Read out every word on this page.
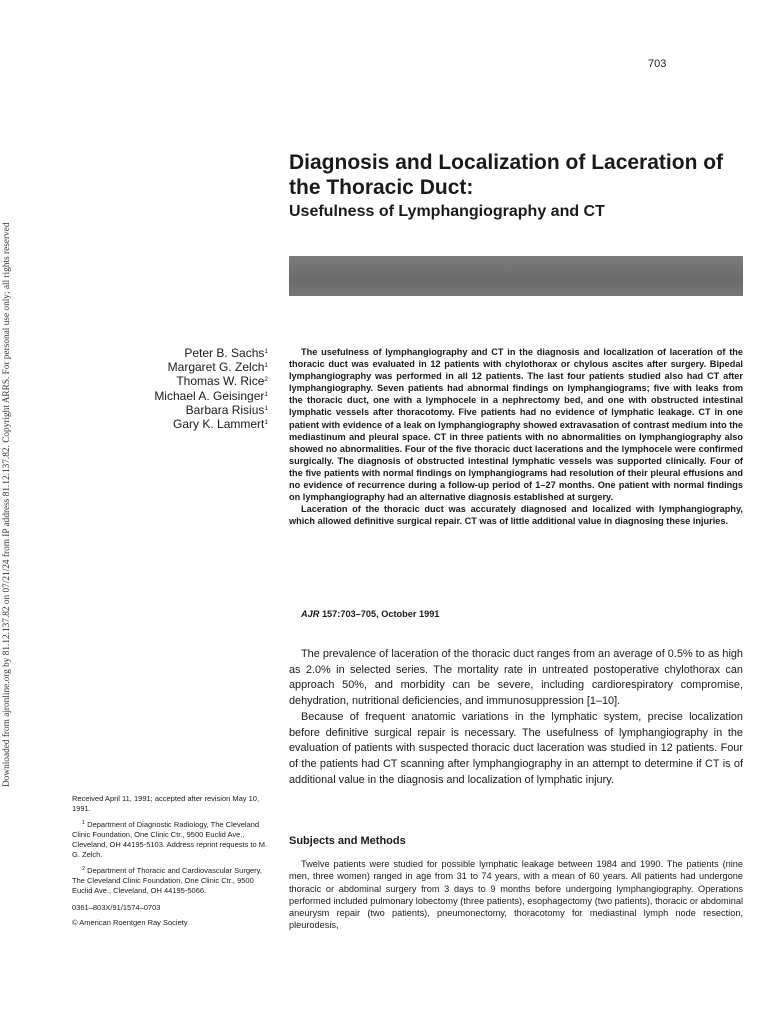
Downloaded from ajronline.org by 81.12.137.82 on 07/21/24 from IP address 81.12.137.82. Copyright ARRS. For personal use only; all rights reserved
703
Diagnosis and Localization of Laceration of the Thoracic Duct:
Usefulness of Lymphangiography and CT
Peter B. Sachs$^1$
Margaret G. Zelch$^1$
Thomas W. Rice$^2$
Michael A. Geisinger$^1$
Barbara Risius$^1$
Gary K. Lammert$^1$

The usefulness of lymphangiography and CT in the diagnosis and localization of laceration of the thoracic duct was evaluated in 12 patients with chylothorax or chylous ascites after surgery. Bipedal lymphangiography was performed in all 12 patients. The last four patients studied also had CT after lymphangiography. Seven patients had abnormal findings on lymphangiograms; five with leaks from the thoracic duct, one with a lymphocele in a nephrectomy bed, and one with obstructed intestinal lymphatic vessels after thoracotomy. Five patients had no evidence of lymphatic leakage. CT in one patient with evidence of a leak on lymphangiography showed extravasation of contrast medium into the mediastinum and pleural space. CT in three patients with no abnormalities on lymphangiography also showed no abnormalities. Four of the five thoracic duct lacerations and the lymphocele were confirmed surgically. The diagnosis of obstructed intestinal lymphatic vessels was supported clinically. Four of the five patients with normal findings on lymphangiograms had resolution of their pleural effusions and no evidence of recurrence during a follow-up period of 1–27 months. One patient with normal findings on lymphangiography had an alternative diagnosis established at surgery.

Laceration of the thoracic duct was accurately diagnosed and localized with lymphangiography, which allowed definitive surgical repair. CT was of little additional value in diagnosing these injuries.

AJR 157:703–705, October 1991

The prevalence of laceration of the thoracic duct ranges from an average of 0.5% to as high as 2.0% in selected series. The mortality rate in untreated postoperative chylothorax can approach 50%, and morbidity can be severe, including cardiorespiratory compromise, dehydration, nutritional deficiencies, and immunosuppression [1–10].

Because of frequent anatomic variations in the lymphatic system, precise localization before definitive surgical repair is necessary. The usefulness of lymphangiography in the evaluation of patients with suspected thoracic duct laceration was studied in 12 patients. Four of the patients had CT scanning after lymphangiography in an attempt to determine if CT is of additional value in the diagnosis and localization of lymphatic injury.

Subjects and Methods

Twelve patients were studied for possible lymphatic leakage between 1984 and 1990. The patients (nine men, three women) ranged in age from 31 to 74 years, with a mean of 60 years. All patients had undergone thoracic or abdominal surgery from 3 days to 9 months before undergoing lymphangiography. Operations performed included pulmonary lobectomy (three patients), esophagectomy (two patients), thoracic or abdominal aneurysm repair (two patients), pneumonectomy, thoracotomy for mediastinal lymph node resection, pleurodesis,

Received April 11, 1991; accepted after revision May 10, 1991.

$^1$ Department of Diagnostic Radiology, The Cleveland Clinic Foundation, One Clinic Ctr., 9500 Euclid Ave., Cleveland, OH 44195-5103. Address reprint requests to M. G. Zelch.

$^2$ Department of Thoracic and Cardiovascular Surgery, The Cleveland Clinic Foundation, One Clinic Ctr., 9500 Euclid Ave., Cleveland, OH 44195-5066.

0361–803X/91/1574–0703

© American Roentgen Ray Society
